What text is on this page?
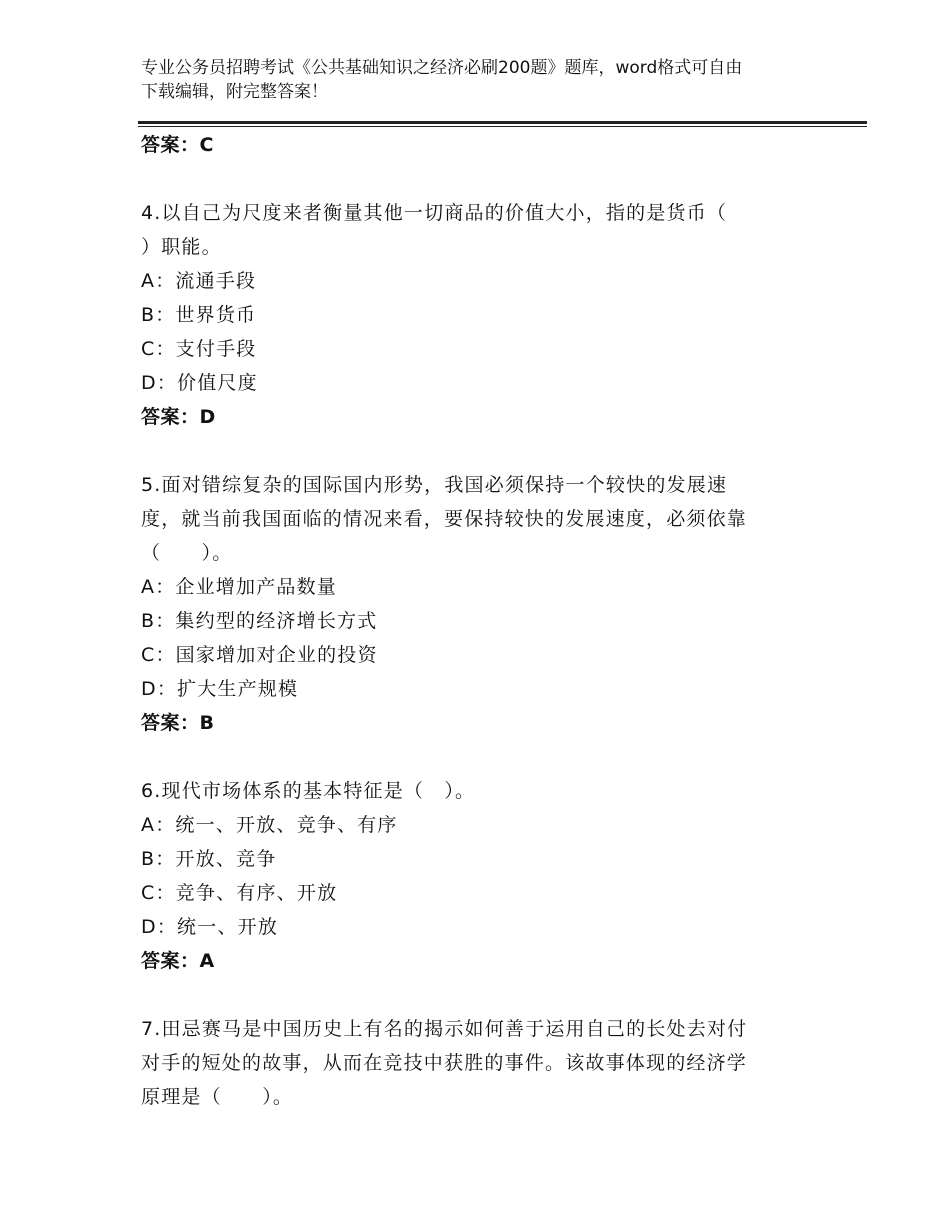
专业公务员招聘考试《公共基础知识之经济必刷200题》题库，word格式可自由
下载编辑，附完整答案！
答案：C
4.以自己为尺度来者衡量其他一切商品的价值大小，指的是货币（
）职能。
A：流通手段
B：世界货币
C：支付手段
D：价值尺度
答案：D
5.面对错综复杂的国际国内形势，我国必须保持一个较快的发展速
度，就当前我国面临的情况来看，要保持较快的发展速度，必须依靠
（　　）。
A：企业增加产品数量
B：集约型的经济增长方式
C：国家增加对企业的投资
D：扩大生产规模
答案：B
6.现代市场体系的基本特征是（　）。
A：统一、开放、竞争、有序
B：开放、竞争
C：竞争、有序、开放
D：统一、开放
答案：A
7.田忌赛马是中国历史上有名的揭示如何善于运用自己的长处去对付
对手的短处的故事，从而在竞技中获胜的事件。该故事体现的经济学
原理是（　　）。
